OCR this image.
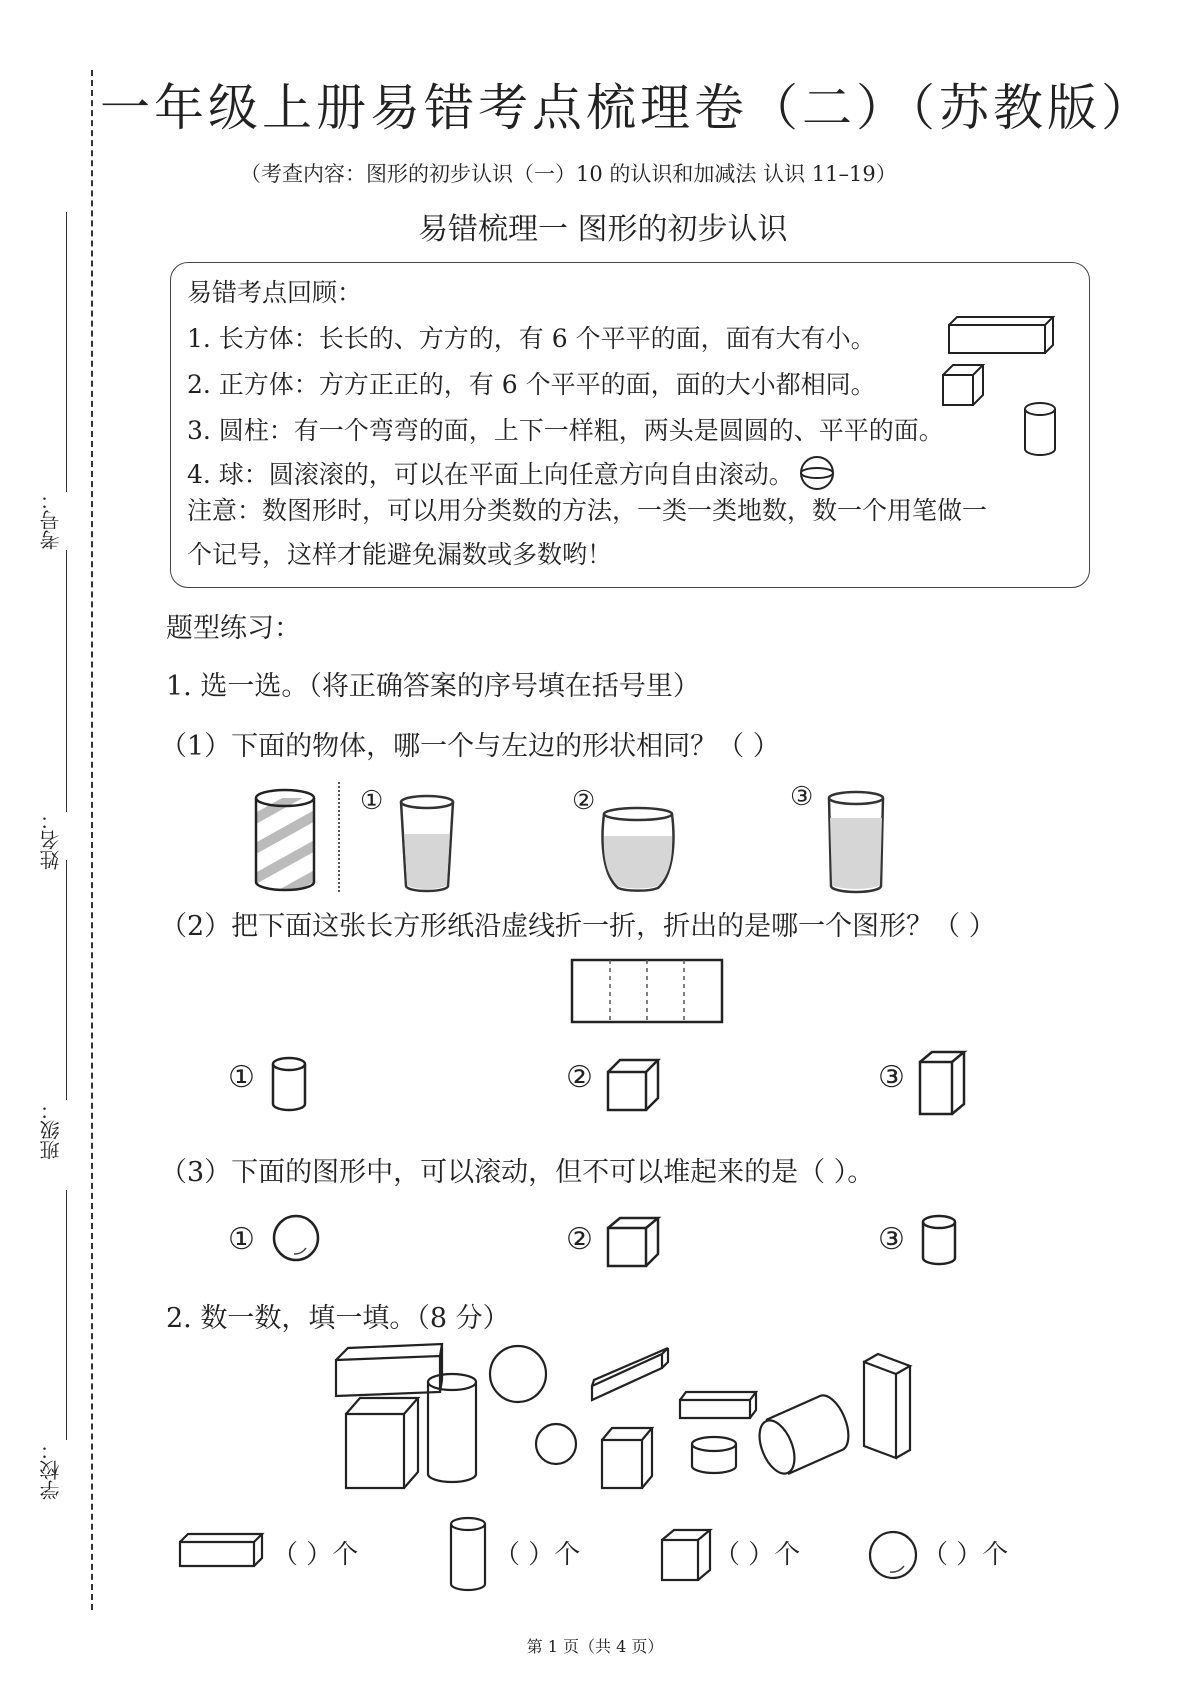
考号：
姓名：
班级：
学校：
一年级上册易错考点梳理卷（二）（苏教版）
（考查内容：图形的初步认识（一）10 的认识和加减法 认识 11–19）
易错梳理一 图形的初步认识
易错考点回顾：
1. 长方体：长长的、方方的，有 6 个平平的面，面有大有小。
2. 正方体：方方正正的，有 6 个平平的面，面的大小都相同。
3. 圆柱：有一个弯弯的面，上下一样粗，两头是圆圆的、平平的面。
4. 球：圆滚滚的，可以在平面上向任意方向自由滚动。
注意：数图形时，可以用分类数的方法，一类一类地数，数一个用笔做一
个记号，这样才能避免漏数或多数哟！
题型练习：
1. 选一选。（将正确答案的序号填在括号里）
（1）下面的物体，哪一个与左边的形状相同？（ ）
①	②	③
（2）把下面这张长方形纸沿虚线折一折，折出的是哪一个图形？（ ）
①	②	③
（3）下面的图形中，可以滚动，但不可以堆起来的是（ ）。
①	②	③
2. 数一数，填一填。（8 分）
（ ）个	（ ）个	（ ）个	（ ）个
第 1 页（共 4 页）
